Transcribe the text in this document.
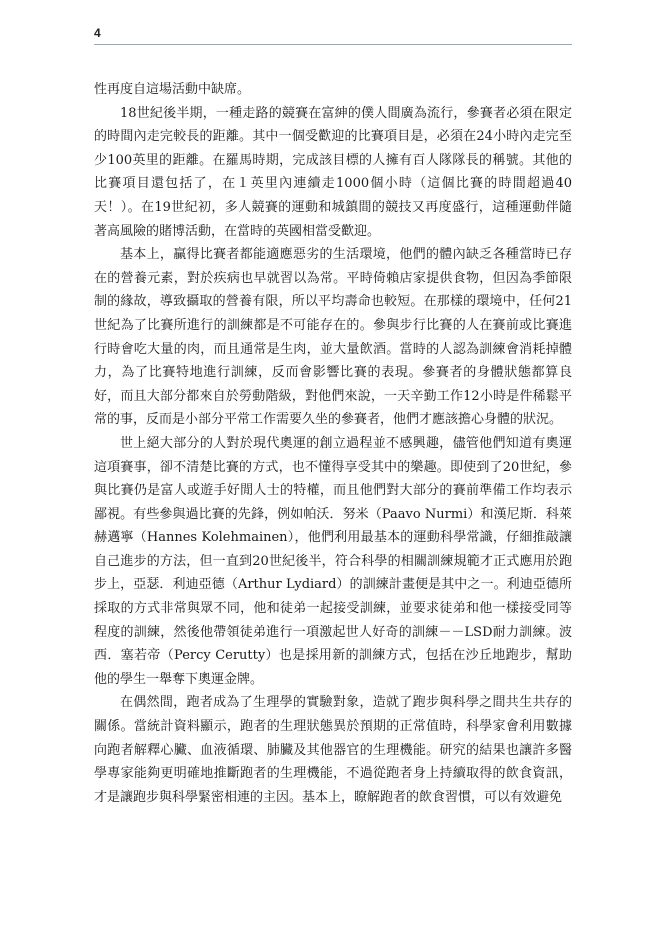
4

性再度自這場活動中缺席。

18世紀後半期，一種走路的競賽在富紳的僕人間廣為流行，參賽者必須在限定的時間內走完較長的距離。其中一個受歡迎的比賽項目是，必須在24小時內走完至少100英里的距離。在羅馬時期，完成該目標的人擁有百人隊隊長的稱號。其他的比賽項目還包括了，在１英里內連續走1000個小時（這個比賽的時間超過40天！）。在19世紀初，多人競賽的運動和城鎮間的競技又再度盛行，這種運動伴隨著高風險的賭博活動，在當時的英國相當受歡迎。

基本上，贏得比賽者都能適應惡劣的生活環境，他們的體內缺乏各種當時已存在的營養元素，對於疾病也早就習以為常。平時倚賴店家提供食物，但因為季節限制的緣故，導致攝取的營養有限，所以平均壽命也較短。在那樣的環境中，任何21世紀為了比賽所進行的訓練都是不可能存在的。參與步行比賽的人在賽前或比賽進行時會吃大量的肉，而且通常是生肉，並大量飲酒。當時的人認為訓練會消耗掉體力，為了比賽特地進行訓練，反而會影響比賽的表現。參賽者的身體狀態都算良好，而且大部分都來自於勞動階級，對他們來說，一天辛勤工作12小時是件稀鬆平常的事，反而是小部分平常工作需要久坐的參賽者，他們才應該擔心身體的狀況。

世上絕大部分的人對於現代奧運的創立過程並不感興趣，儘管他們知道有奧運這項賽事，卻不清楚比賽的方式，也不懂得享受其中的樂趣。即使到了20世紀，參與比賽仍是富人或遊手好閒人士的特權，而且他們對大部分的賽前準備工作均表示鄙視。有些參與過比賽的先鋒，例如帕沃．努米（Paavo Nurmi）和漢尼斯．科萊赫邁寧（Hannes Kolehmainen），他們利用最基本的運動科學常識，仔細推敲讓自己進步的方法，但一直到20世紀後半，符合科學的相關訓練規範才正式應用於跑步上，亞瑟．利迪亞德（Arthur Lydiard）的訓練計畫便是其中之一。利迪亞德所採取的方式非常與眾不同，他和徒弟一起接受訓練，並要求徒弟和他一樣接受同等程度的訓練，然後他帶領徒弟進行一項激起世人好奇的訓練－－LSD耐力訓練。波西．塞若帝（Percy Cerutty）也是採用新的訓練方式，包括在沙丘地跑步，幫助他的學生一舉奪下奧運金牌。

在偶然間，跑者成為了生理學的實驗對象，造就了跑步與科學之間共生共存的關係。當統計資料顯示，跑者的生理狀態異於預期的正常值時，科學家會利用數據向跑者解釋心臟、血液循環、肺臟及其他器官的生理機能。研究的結果也讓許多醫學專家能夠更明確地推斷跑者的生理機能，不過從跑者身上持續取得的飲食資訊，才是讓跑步與科學緊密相連的主因。基本上，瞭解跑者的飲食習慣，可以有效避免
